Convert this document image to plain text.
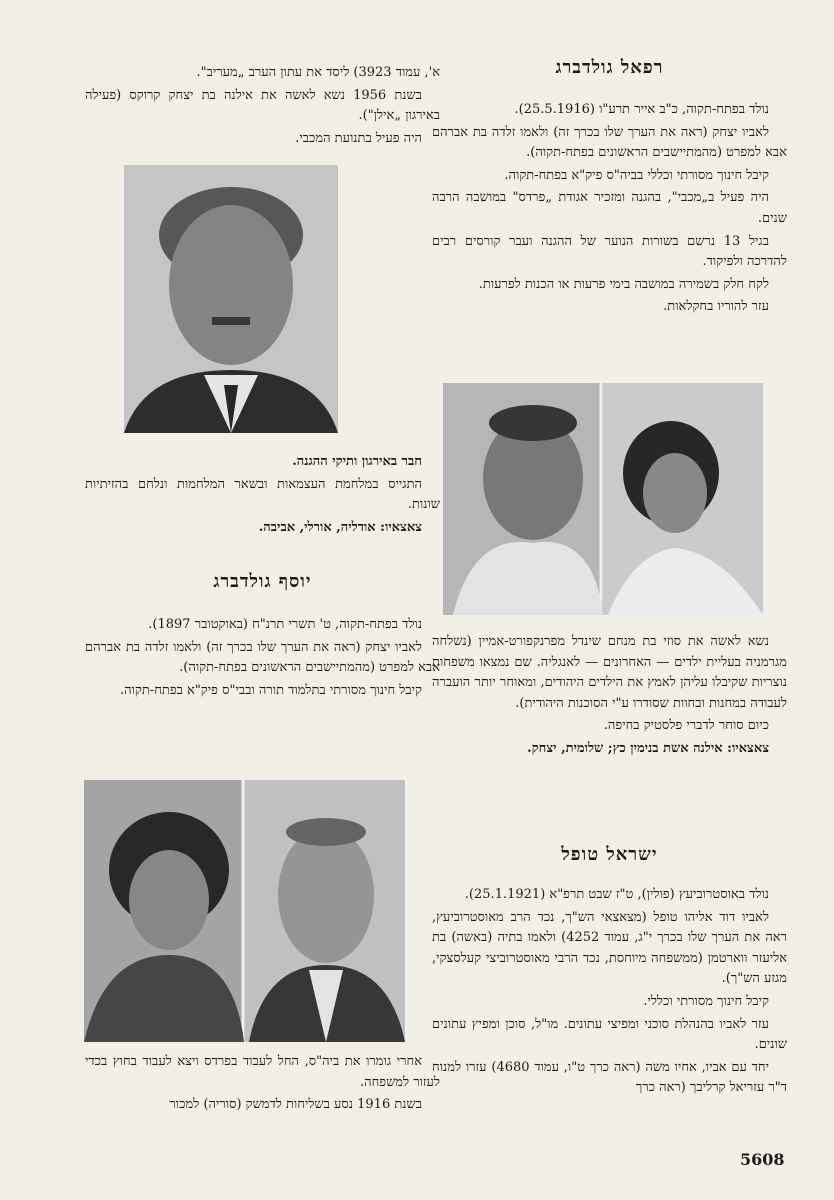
רפאל גולדברג

נולד בפתח-תקוה, כ"ב אייר תרע"ו (25.5.1916).

לאביו יצחק (ראה את הערך שלו בכרך זה) ולאמו זלדה בת אברהם אבא למפרט (מהמתיישבים הראשונים בפתח-תקוה).

קיבל חינוך מסורתי וכללי בביה"ס פיק"א בפתח-תקוה.

היה פעיל ב„מכבי", בהגנה ומזכיר אגודת „פרדס" במושבה הרבה שנים.

בגיל 13 נרשם בשורות הנוער של ההגנה ועבר קורסים רבים להדרכה ולפיקוד.

לקח חלק בשמירה במושבה בימי פרעות או הכנות לפרעות.

עזר להוריו בחקלאות.

נשא לאשה את סוזי בת מנחם שינדל מפרנקפורט-אמיין (נשלחה מגרמניה בעליית ילדים — האחרונים — לאנגליה. שם נמצאו משפחות נוצריות שקיבלו עליהן לאמץ את הילדים היהודים, ומאוחר יותר הועברה לעבודה במחנות ובחוות שסודרו ע"י הסוכנות היהודית).

כיום סוחר לדברי פלסטיק בחיפה.

צאצאיו: אילנה אשת בנימין כץ; שלומית, יצחק.

ישראל טופל

נולד באוסטרוביעץ (פולין), ט"ז שבט תרפ"א (25.1.1921).

לאביו דוד אליהו טופל (מצאצאי הש"ך, נכד הרב מאוסטרוביעץ, ראה את הערך שלו בכרך י"ג, עמוד 4252) ולאמו בתיה (באשה) בת אליעזר ווארטמן (ממשפחה מיוחסת, נכד הרבי מאוסטרוביצי קעלסצקי, מגזע הש"ך).

קיבל חינוך מסורתי וכללי.

עזר לאביו בהנהלת סוכני ומפיצי עתונים. מו"ל, סוכן ומפיץ עתונים שונים.

יחד עם אביו, אחיו משה (ראה כרך ט"ו, עמוד 4680) עזרו למנוח ד"ר עזריאל קרליבך (ראה כרך

א', עמוד 3923) ליסד את עתון הערב „מעריב".

בשנת 1956 נשא לאשה את אילנה בת יצחק קרוקס (פעילה באירגון „אילן").

היה פעיל בתנועת המכבי.

חבר באירגון ותיקי ההגנה.

התגייס במלחמת העצמאות ובשאר המלחמות ונלחם בהזיתיות שונות.

צאצאיו: אודליה, אורלי, אביבה.

יוסף גולדברג

נולד בפתח-תקוה, ט' תשרי תרנ"ח (באוקטובר 1897).

לאביו יצחק (ראה את הערך שלו בכרך זה) ולאמו זלדה בת אברהם אבא למפרט (מהמתיישבים הראשונים בפתח-תקוה).

קיבל חינוך מסורתי בתלמוד תורה ובבי"ס פיק"א בפתח-תקוה.

אחרי גומרו את ביה"ס, החל לעבוד בפרדס ויצא לעבוד בחוץ בכדי לעזור למשפחה.

בשנת 1916 נסע בשליחות לדמשק (סוריה) למכור

5608
